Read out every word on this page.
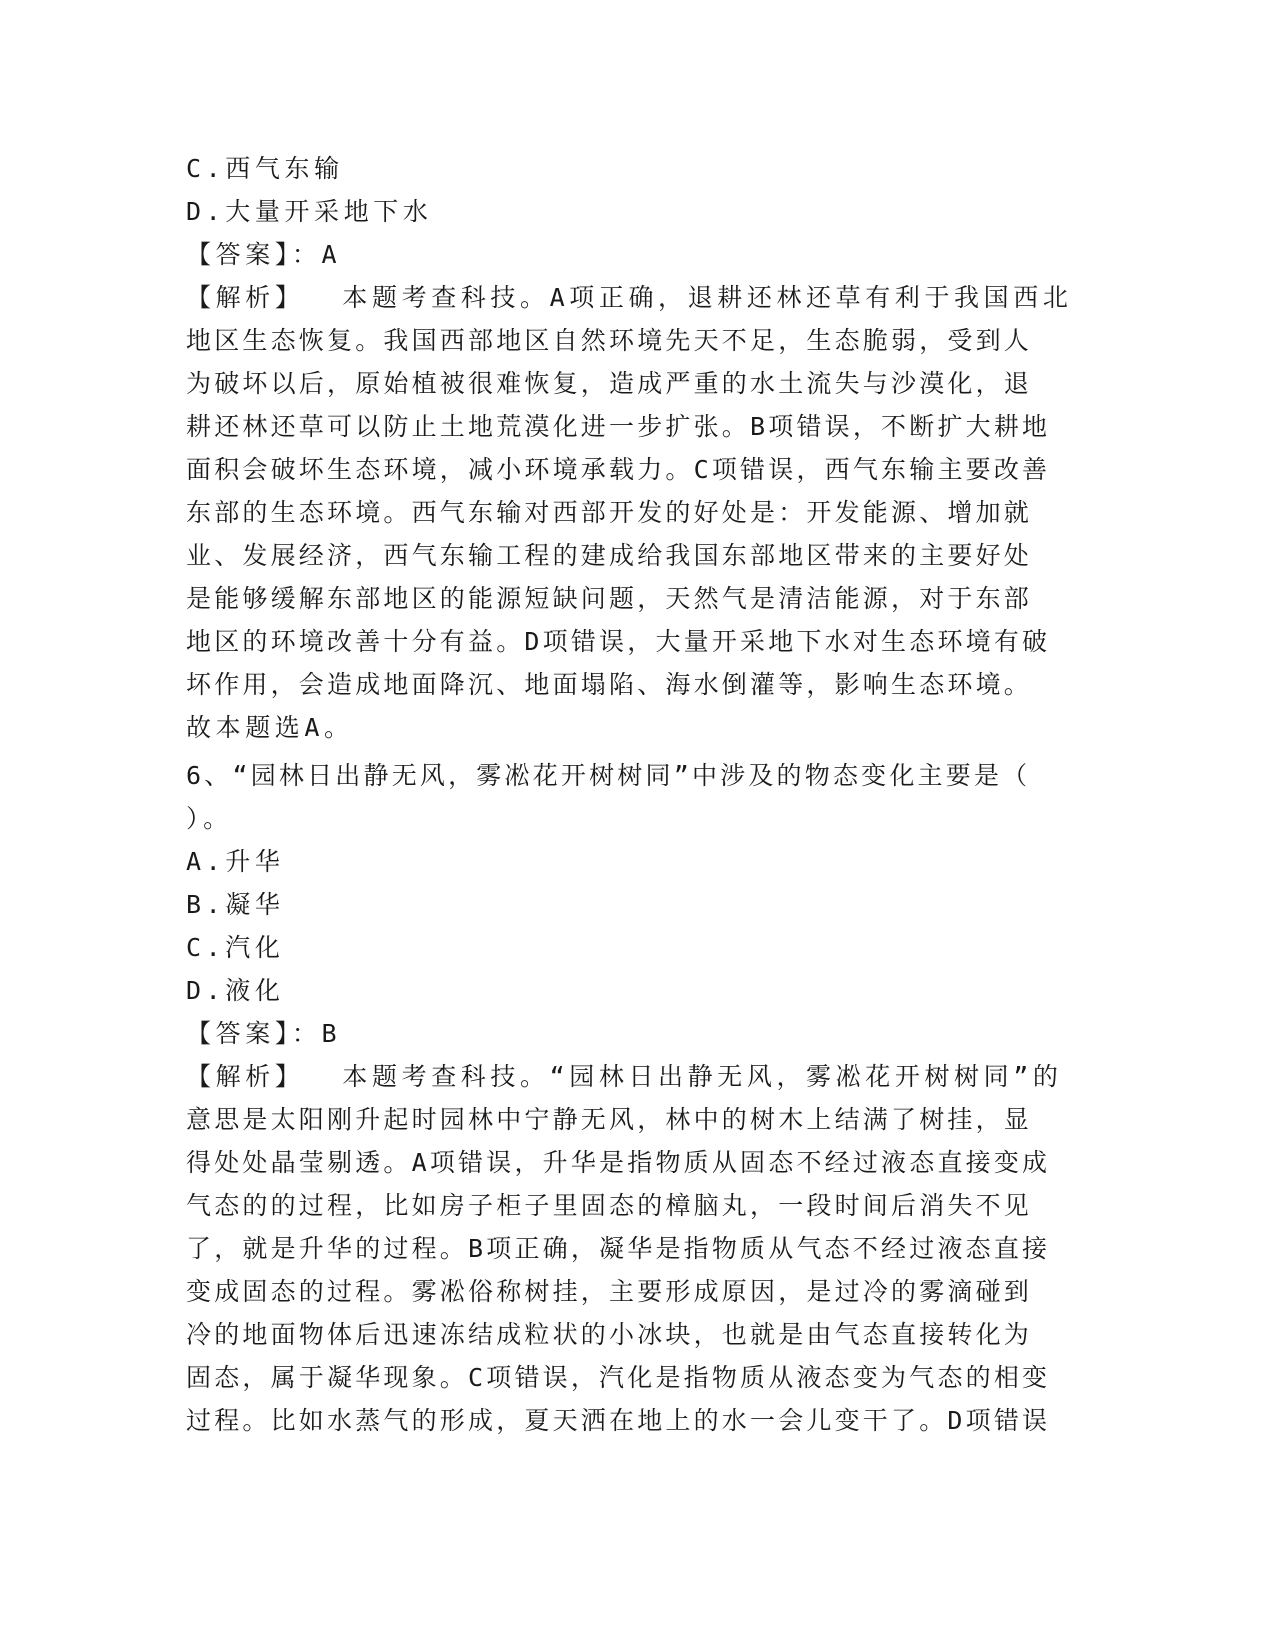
C.西气东输
D.大量开采地下水
【答案】：A
【解析】 本题考查科技。A项正确，退耕还林还草有利于我国西北
地区生态恢复。我国西部地区自然环境先天不足，生态脆弱，受到人
为破坏以后，原始植被很难恢复，造成严重的水土流失与沙漠化，退
耕还林还草可以防止土地荒漠化进一步扩张。B项错误，不断扩大耕地
面积会破坏生态环境，减小环境承载力。C项错误，西气东输主要改善
东部的生态环境。西气东输对西部开发的好处是：开发能源、增加就
业、发展经济，西气东输工程的建成给我国东部地区带来的主要好处
是能够缓解东部地区的能源短缺问题，天然气是清洁能源，对于东部
地区的环境改善十分有益。D项错误，大量开采地下水对生态环境有破
坏作用，会造成地面降沉、地面塌陷、海水倒灌等，影响生态环境。
故本题选A。
6、“园林日出静无风，雾凇花开树树同”中涉及的物态变化主要是（
）。
A.升华
B.凝华
C.汽化
D.液化
【答案】：B
【解析】 本题考查科技。“园林日出静无风，雾凇花开树树同”的
意思是太阳刚升起时园林中宁静无风，林中的树木上结满了树挂，显
得处处晶莹剔透。A项错误，升华是指物质从固态不经过液态直接变成
气态的的过程，比如房子柜子里固态的樟脑丸，一段时间后消失不见
了，就是升华的过程。B项正确，凝华是指物质从气态不经过液态直接
变成固态的过程。雾凇俗称树挂，主要形成原因，是过冷的雾滴碰到
冷的地面物体后迅速冻结成粒状的小冰块，也就是由气态直接转化为
固态，属于凝华现象。C项错误，汽化是指物质从液态变为气态的相变
过程。比如水蒸气的形成，夏天洒在地上的水一会儿变干了。D项错误
